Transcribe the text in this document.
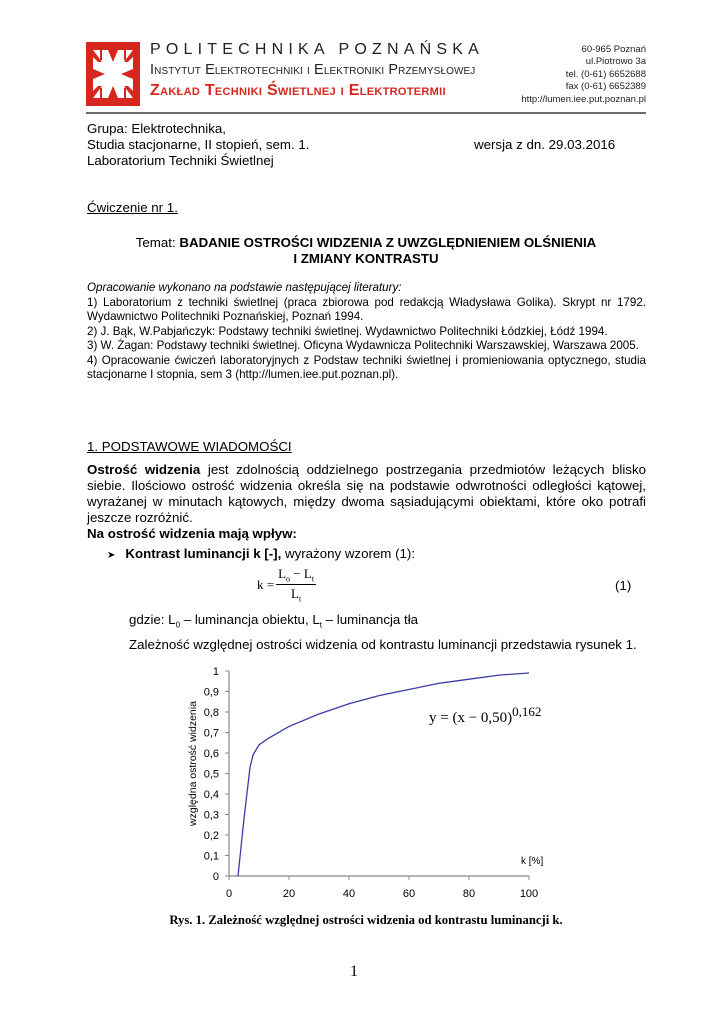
POLITECHNIKA POZNAŃSKA
Instytut Elektrotechniki i Elektroniki Przemysłowej
Zakład Techniki Świetlnej i Elektrotermii
60-965 Poznań
ul.Piotrowo 3a
tel. (0-61) 6652688
fax (0-61) 6652389
http://lumen.iee.put.poznan.pl
Grupa: Elektrotechnika,
Studia stacjonarne, II stopień, sem. 1.
Laboratorium Techniki Świetlnej
wersja z dn. 29.03.2016
Ćwiczenie nr 1.
Temat: BADANIE OSTROŚCI WIDZENIA Z UWZGLĘDNIENIEM OLŚNIENIA
I ZMIANY KONTRASTU

Opracowanie wykonano na podstawie następującej literatury:

1) Laboratorium z techniki świetlnej (praca zbiorowa pod redakcją Władysława Golika). Skrypt nr 1792. Wydawnictwo Politechniki Poznańskiej, Poznań 1994.

2) J. Bąk, W.Pabjańczyk: Podstawy techniki świetlnej. Wydawnictwo Politechniki Łódzkiej, Łódź 1994.

3) W. Żagan: Podstawy techniki świetlnej. Oficyna Wydawnicza Politechniki Warszawskiej, Warszawa 2005.

4) Opracowanie ćwiczeń laboratoryjnych z Podstaw techniki świetlnej i promieniowania optycznego, studia stacjonarne I stopnia, sem 3 (http://lumen.iee.put.poznan.pl).

1. PODSTAWOWE WIADOMOŚCI

Ostrość widzenia jest zdolnością oddzielnego postrzegania przedmiotów leżących blisko siebie. Ilościowo ostrość widzenia określa się na podstawie odwrotności odległości kątowej, wyrażanej w minutach kątowych, między dwoma sąsiadującymi obiektami, które oko potrafi jeszcze rozróżnić.

Na ostrość widzenia mają wpływ:

➤ Kontrast luminancji k [-], wyrażony wzorem (1):
k =	$L_o - L_t$
$L_t$
(1)
gdzie: $L_0$ – luminancja obiektu, $L_t$ – luminancja tła
Zależność względnej ostrości widzenia od kontrastu luminancji przedstawia rysunek 1.
0
0,1
0,2
0,3
0,4
0,5
0,6
0,7
0,8
0,9
1
0	20	40	60	80	100
k [%]
względna ostrość widzenia	y = (x − 0,50)0,162
Rys. 1. Zależność względnej ostrości widzenia od kontrastu luminancji k.
1
